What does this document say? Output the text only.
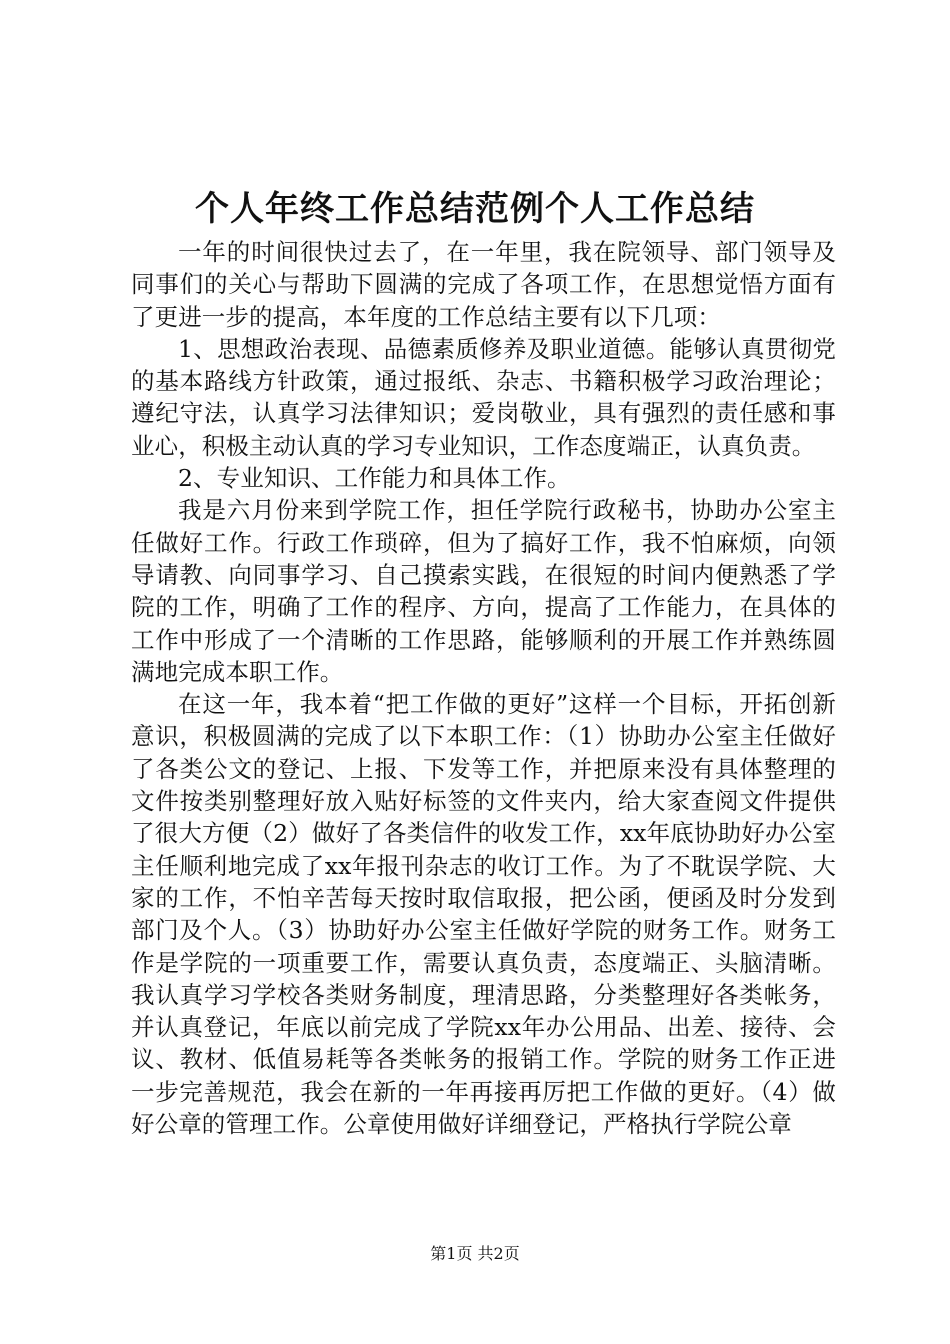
个人年终工作总结范例个人工作总结

一年的时间很快过去了，在一年里，我在院领导、部门领导及同事们的关心与帮助下圆满的完成了各项工作，在思想觉悟方面有了更进一步的提高，本年度的工作总结主要有以下几项：

1、思想政治表现、品德素质修养及职业道德。能够认真贯彻党的基本路线方针政策，通过报纸、杂志、书籍积极学习政治理论；遵纪守法，认真学习法律知识；爱岗敬业，具有强烈的责任感和事业心，积极主动认真的学习专业知识，工作态度端正，认真负责。

2、专业知识、工作能力和具体工作。

我是六月份来到学院工作，担任学院行政秘书，协助办公室主任做好工作。行政工作琐碎，但为了搞好工作，我不怕麻烦，向领导请教、向同事学习、自己摸索实践，在很短的时间内便熟悉了学院的工作，明确了工作的程序、方向，提高了工作能力，在具体的工作中形成了一个清晰的工作思路，能够顺利的开展工作并熟练圆满地完成本职工作。

在这一年，我本着“把工作做的更好”这样一个目标，开拓创新意识，积极圆满的完成了以下本职工作：（1）协助办公室主任做好了各类公文的登记、上报、下发等工作，并把原来没有具体整理的文件按类别整理好放入贴好标签的文件夹内，给大家查阅文件提供了很大方便（2）做好了各类信件的收发工作，xx年底协助好办公室主任顺利地完成了xx年报刊杂志的收订工作。为了不耽误学院、大家的工作，不怕辛苦每天按时取信取报，把公函，便函及时分发到部门及个人。（3）协助好办公室主任做好学院的财务工作。财务工作是学院的一项重要工作，需要认真负责，态度端正、头脑清晰。我认真学习学校各类财务制度，理清思路，分类整理好各类帐务，并认真登记，年底以前完成了学院xx年办公用品、出差、接待、会议、教材、低值易耗等各类帐务的报销工作。学院的财务工作正进一步完善规范，我会在新的一年再接再厉把工作做的更好。（4）做好公章的管理工作。公章使用做好详细登记，严格执行学院公章

第1页 共2页
